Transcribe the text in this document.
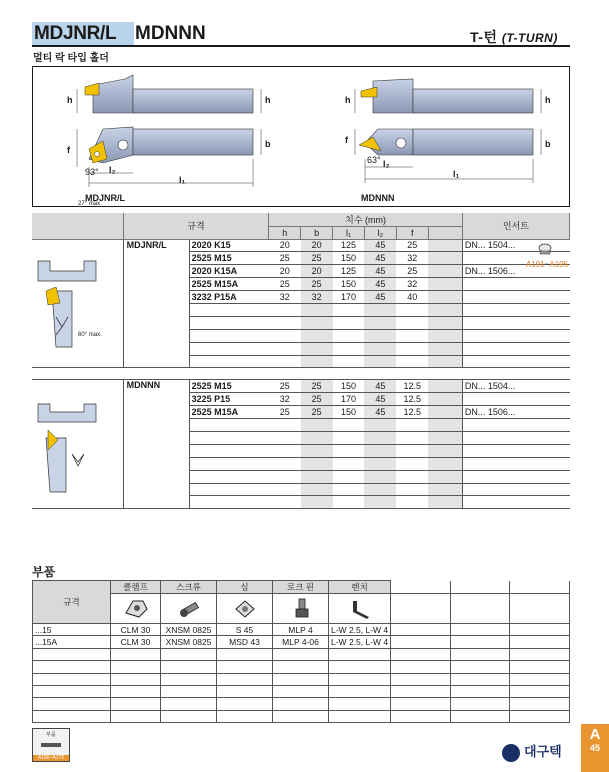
MDJNR/L MDNNN
멀티 락 타입 홀더
T-턴 (T-TURN)
h	h
f
b
l₂
l₁
93°
MDJNR/L
h	h
f	b
l₂
l₁
63°
MDNNN
	규격		치수 (mm)						인서트
			h	b	l₁	l₂	f		

27° max.	MDJNR/L	2020 K15	20	20	125	45	25		DN... 1504...
		2525 M15	25	25	150	45	32		
		2020 K15A	20	20	125	45	25		DN... 1506...
		2525 M15A	25	25	150	45	32		
		3232 P15A	32	32	170	45	40		

60° max.	MDNNN	2525 M15	25	25	150	45	12.5		DN... 1504...
		3225 P15	32	25	170	45	12.5		
		2525 M15A	25	25	150	45	12.5		DN... 1506...

A191~A195
부품
규격	클램프	스크류	심	로크 핀	렌치			

...15	CLM 30	XNSM 0825	S 45	MLP 4	L-W 2.5, L-W 4			
...15A	CLM 30	XNSM 0825	MSD 43	MLP 4-06	L-W 2.5, L-W 4			

부품
A166~A172	대구텍
A
45
